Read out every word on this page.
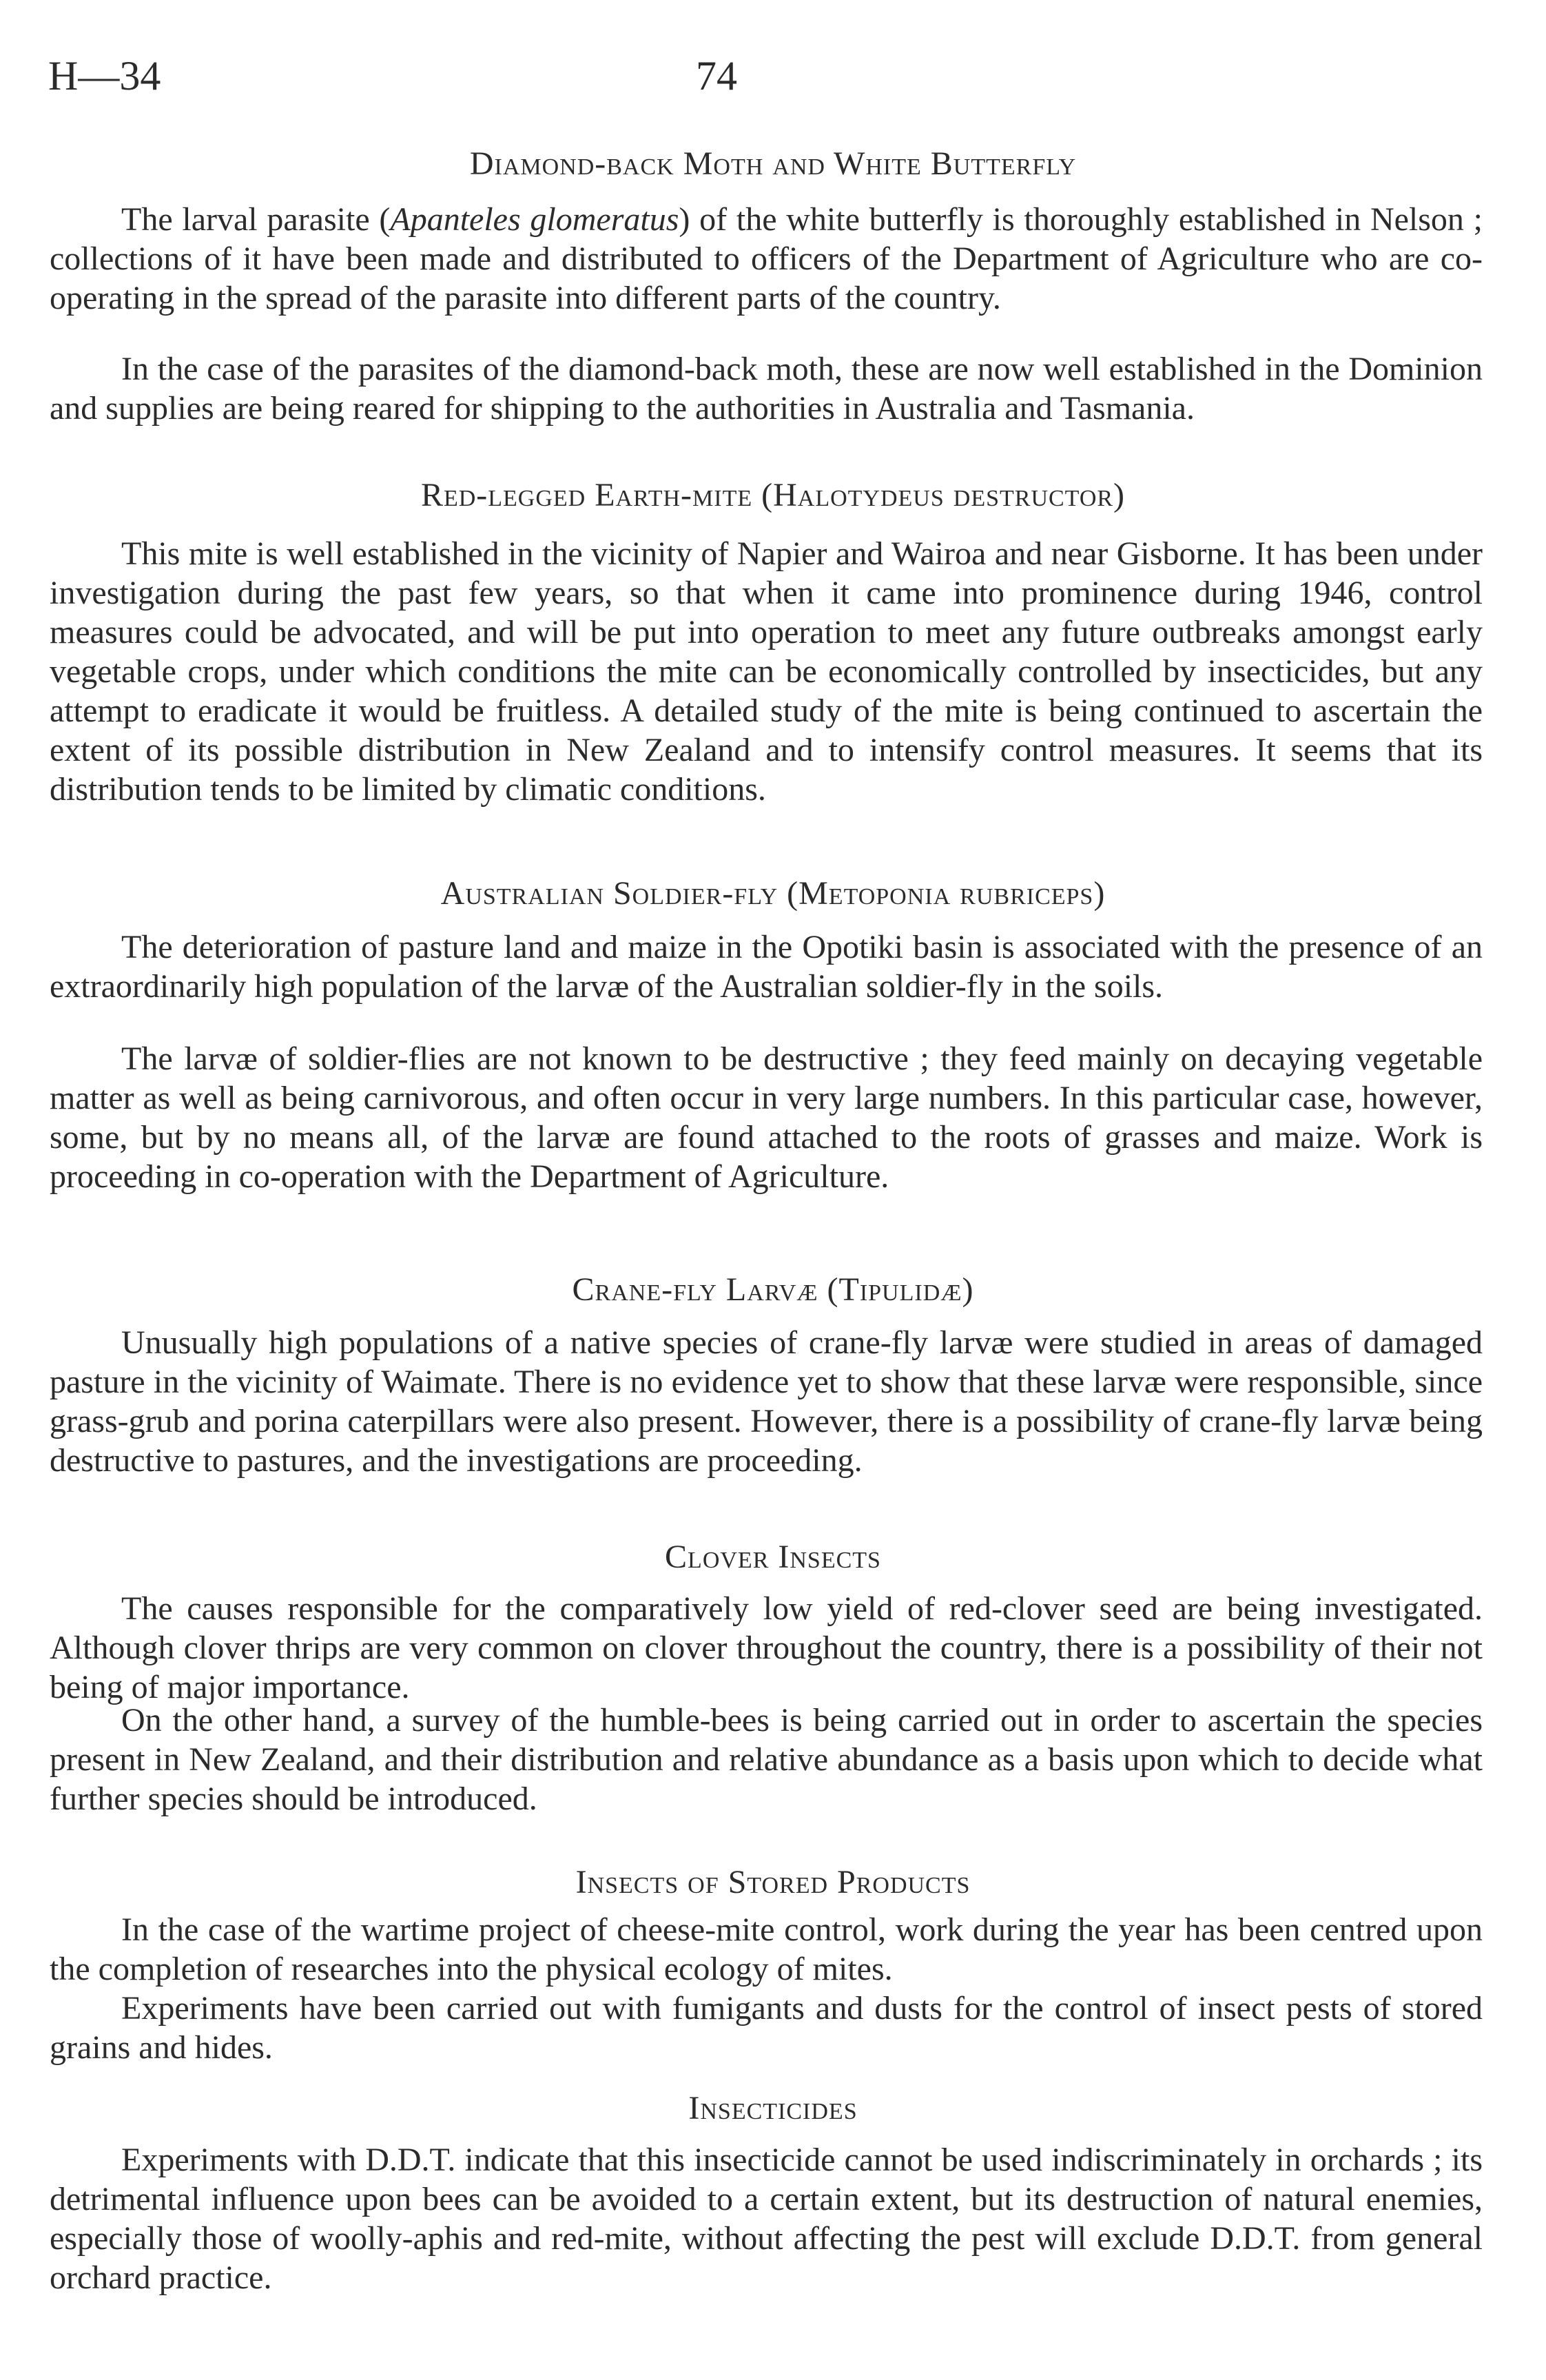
H—34	74
Diamond-back Moth and White Butterfly

The larval parasite (Apanteles glomeratus) of the white butterfly is thoroughly established in Nelson ; collections of it have been made and distributed to officers of the Department of Agriculture who are co-operating in the spread of the parasite into different parts of the country.

In the case of the parasites of the diamond-back moth, these are now well established in the Dominion and supplies are being reared for shipping to the authorities in Australia and Tasmania.

Red-legged Earth-mite (Halotydeus destructor)

This mite is well established in the vicinity of Napier and Wairoa and near Gisborne. It has been under investigation during the past few years, so that when it came into prominence during 1946, control measures could be advocated, and will be put into operation to meet any future outbreaks amongst early vegetable crops, under which conditions the mite can be economically controlled by insecticides, but any attempt to eradicate it would be fruitless. A detailed study of the mite is being continued to ascertain the extent of its possible distribution in New Zealand and to intensify control measures. It seems that its distribution tends to be limited by climatic conditions.

Australian Soldier-fly (Metoponia rubriceps)

The deterioration of pasture land and maize in the Opotiki basin is associated with the presence of an extraordinarily high population of the larvæ of the Australian soldier-fly in the soils.

The larvæ of soldier-flies are not known to be destructive ; they feed mainly on decaying vegetable matter as well as being carnivorous, and often occur in very large numbers. In this particular case, however, some, but by no means all, of the larvæ are found attached to the roots of grasses and maize. Work is proceeding in co-operation with the Department of Agriculture.

Crane-fly Larvæ (Tipulidæ)

Unusually high populations of a native species of crane-fly larvæ were studied in areas of damaged pasture in the vicinity of Waimate. There is no evidence yet to show that these larvæ were responsible, since grass-grub and porina caterpillars were also present. However, there is a possibility of crane-fly larvæ being destructive to pastures, and the investigations are proceeding.

Clover Insects

The causes responsible for the comparatively low yield of red-clover seed are being investigated. Although clover thrips are very common on clover throughout the country, there is a possibility of their not being of major importance.

On the other hand, a survey of the humble-bees is being carried out in order to ascertain the species present in New Zealand, and their distribution and relative abundance as a basis upon which to decide what further species should be introduced.

Insects of Stored Products

In the case of the wartime project of cheese-mite control, work during the year has been centred upon the completion of researches into the physical ecology of mites.

Experiments have been carried out with fumigants and dusts for the control of insect pests of stored grains and hides.

Insecticides

Experiments with D.D.T. indicate that this insecticide cannot be used indiscriminately in orchards ; its detrimental influence upon bees can be avoided to a certain extent, but its destruction of natural enemies, especially those of woolly-aphis and red-mite, without affecting the pest will exclude D.D.T. from general orchard practice.
